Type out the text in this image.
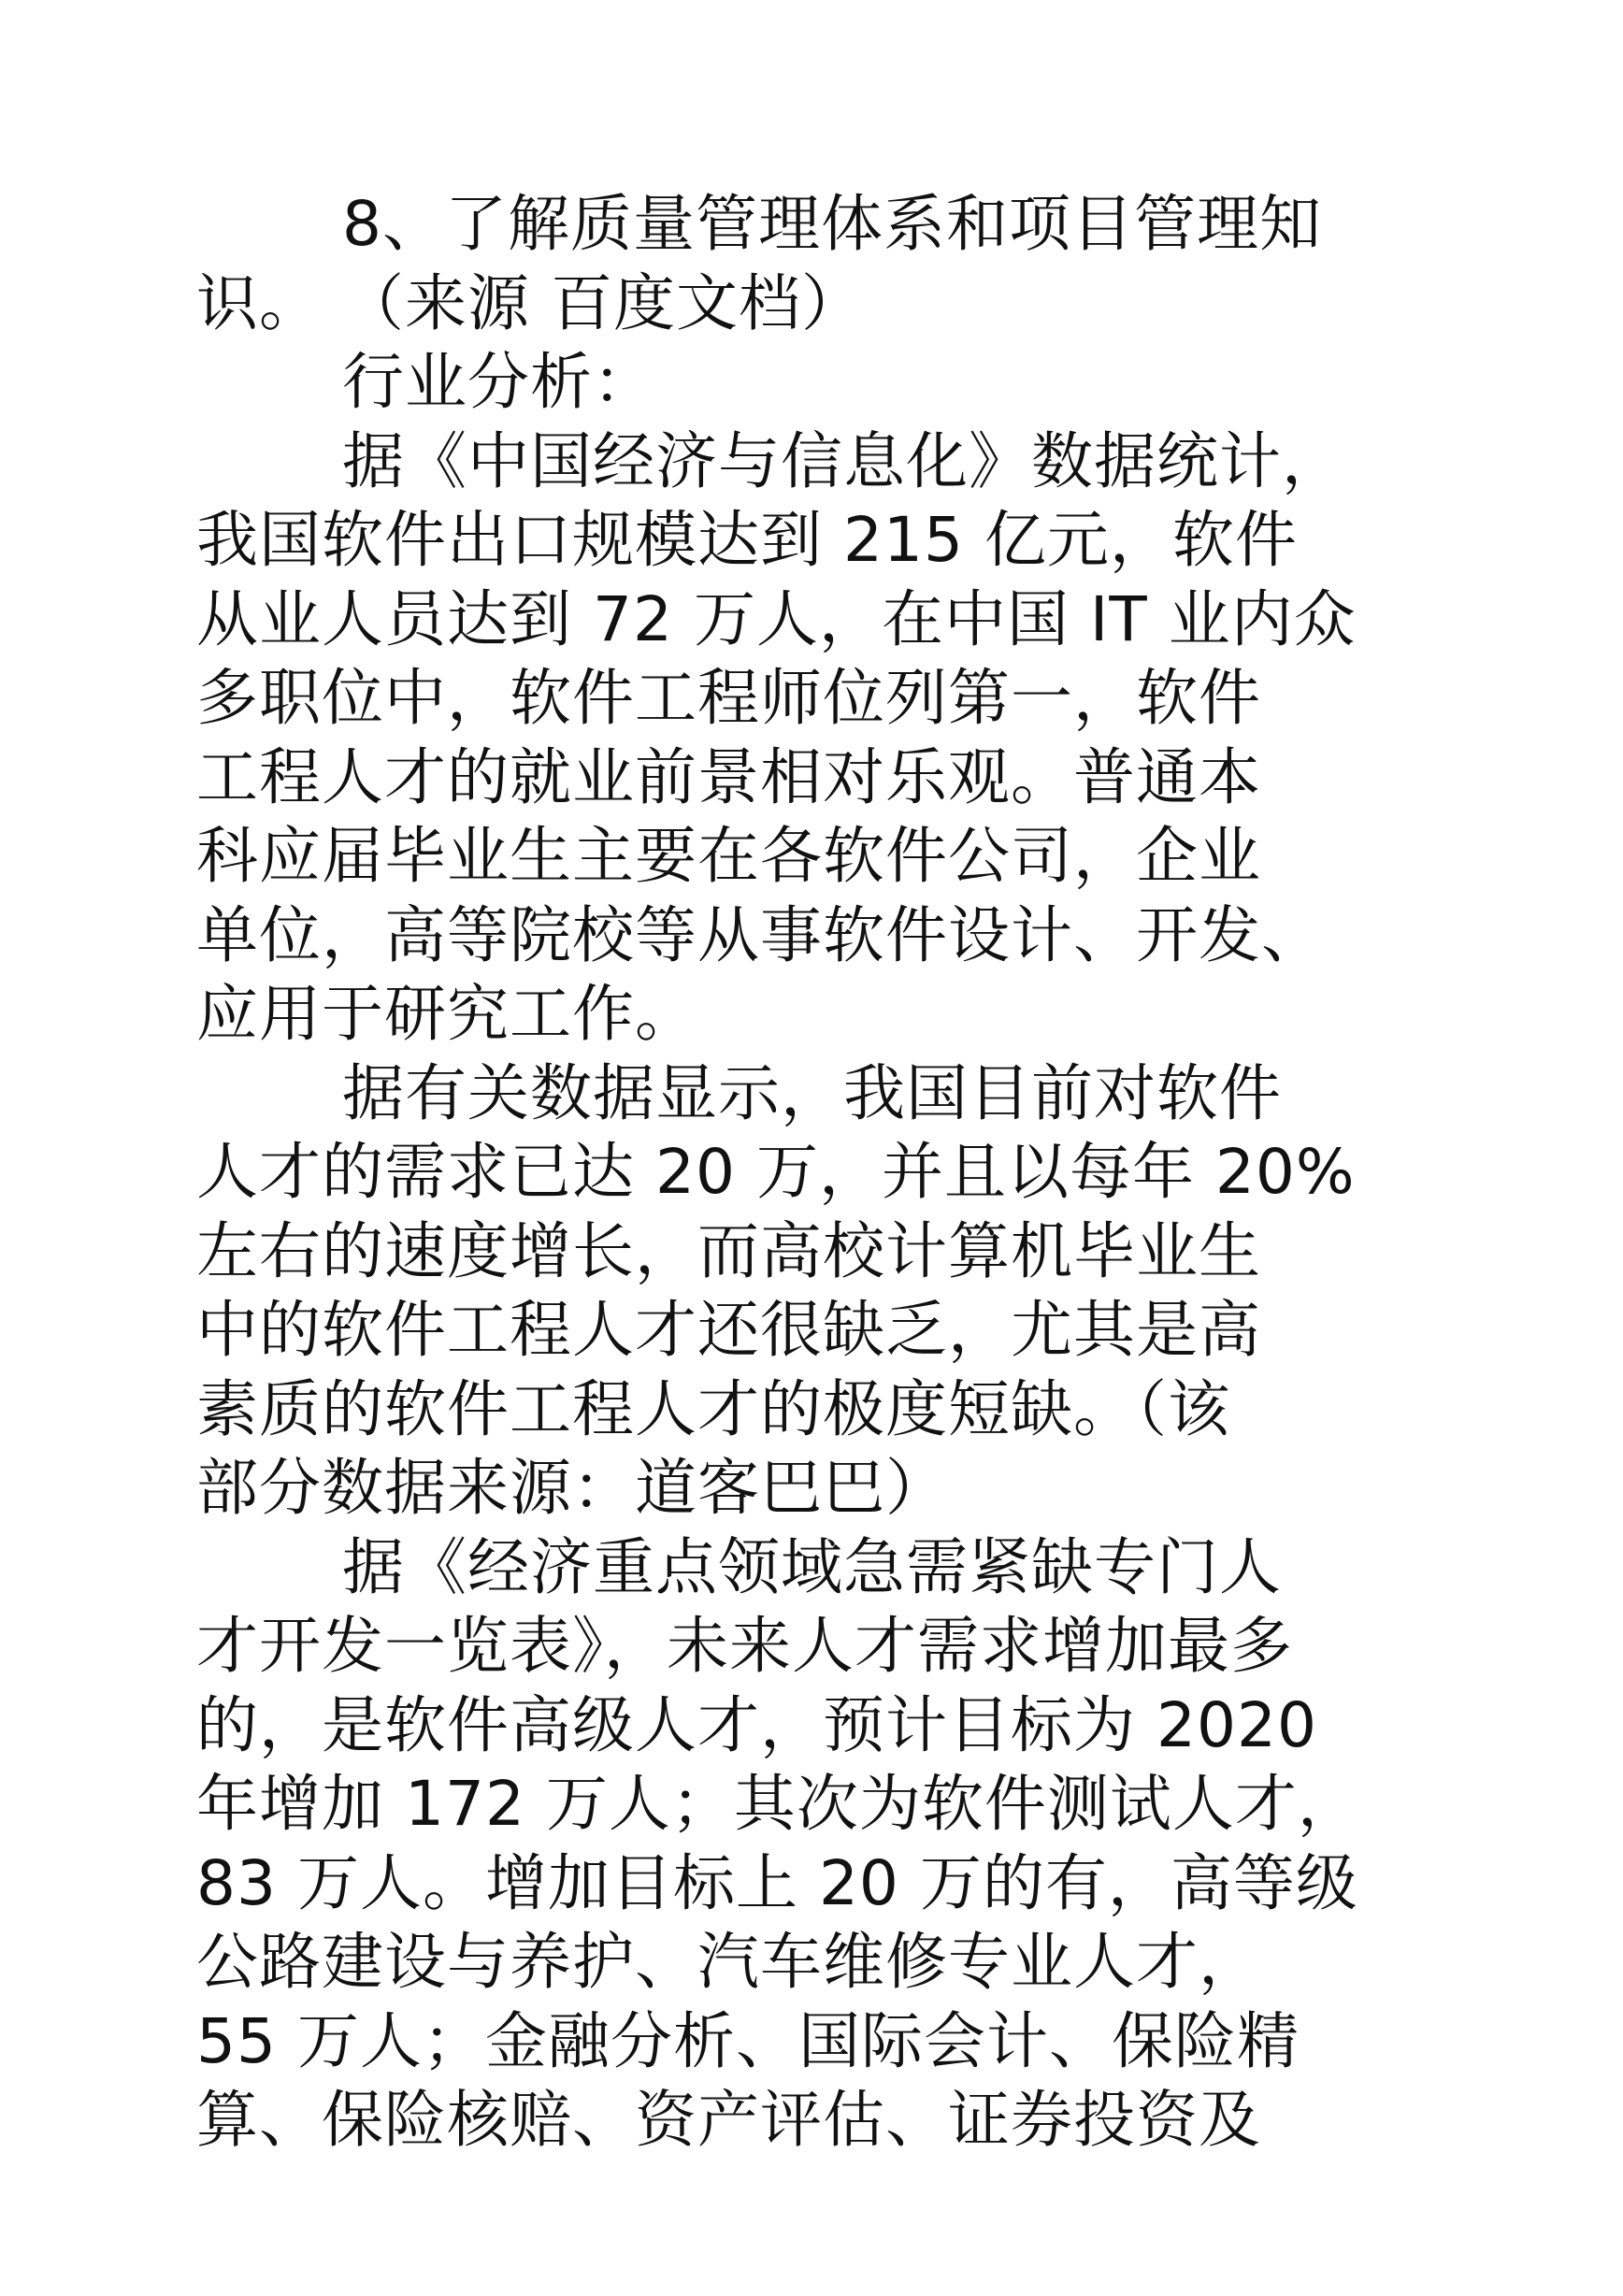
8、了解质量管理体系和项目管理知
识。 （来源 百度文档）
行业分析：
据《中国经济与信息化》数据统计，
我国软件出口规模达到 215 亿元，软件
从业人员达到 72 万人，在中国 IT 业内众
多职位中，软件工程师位列第一，软件
工程人才的就业前景相对乐观。普通本
科应届毕业生主要在各软件公司，企业
单位，高等院校等从事软件设计、开发、
应用于研究工作。
据有关数据显示，我国目前对软件
人才的需求已达 20 万，并且以每年 20%
左右的速度增长，而高校计算机毕业生
中的软件工程人才还很缺乏，尤其是高
素质的软件工程人才的极度短缺。（该
部分数据来源：道客巴巴）
据《经济重点领域急需紧缺专门人
才开发一览表》，未来人才需求增加最多
的，是软件高级人才，预计目标为 2020
年增加 172 万人；其次为软件测试人才，
83 万人。增加目标上 20 万的有，高等级
公路建设与养护、汽车维修专业人才，
55 万人；金融分析、国际会计、保险精
算、保险核赔、资产评估、证券投资及
